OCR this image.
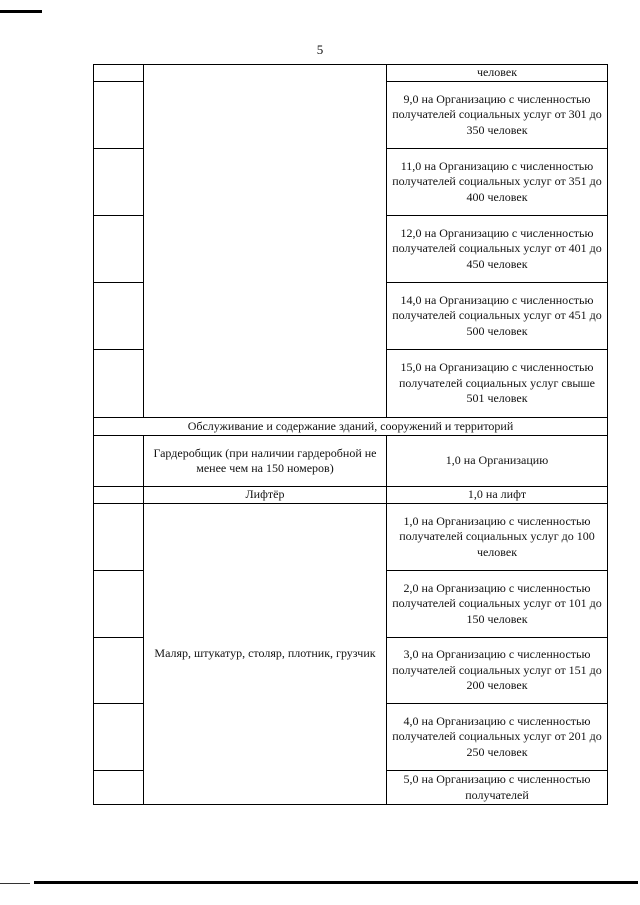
5
		человек
		9,0 на Организацию с численностью получателей социальных услуг от 301 до 350 человек
		11,0 на Организацию с численностью получателей социальных услуг от 351 до 400 человек
		12,0 на Организацию с численностью получателей социальных услуг от 401 до 450 человек
		14,0 на Организацию с численностью получателей социальных услуг от 451 до 500 человек
		15,0 на Организацию с численностью получателей социальных услуг свыше 501 человек
Обслуживание и содержание зданий, сооружений и территорий		
	Гардеробщик (при наличии гардеробной не менее чем на 150 номеров)	1,0 на Организацию
	Лифтёр	1,0 на лифт
	Маляр, штукатур, столяр, плотник, грузчик	1,0 на Организацию с численностью получателей социальных услуг до 100 человек
		2,0 на Организацию с численностью получателей социальных услуг от 101 до 150 человек
		3,0 на Организацию с численностью получателей социальных услуг от 151 до 200 человек
		4,0 на Организацию с численностью получателей социальных услуг от 201 до 250 человек
		5,0 на Организацию с численностью получателей
